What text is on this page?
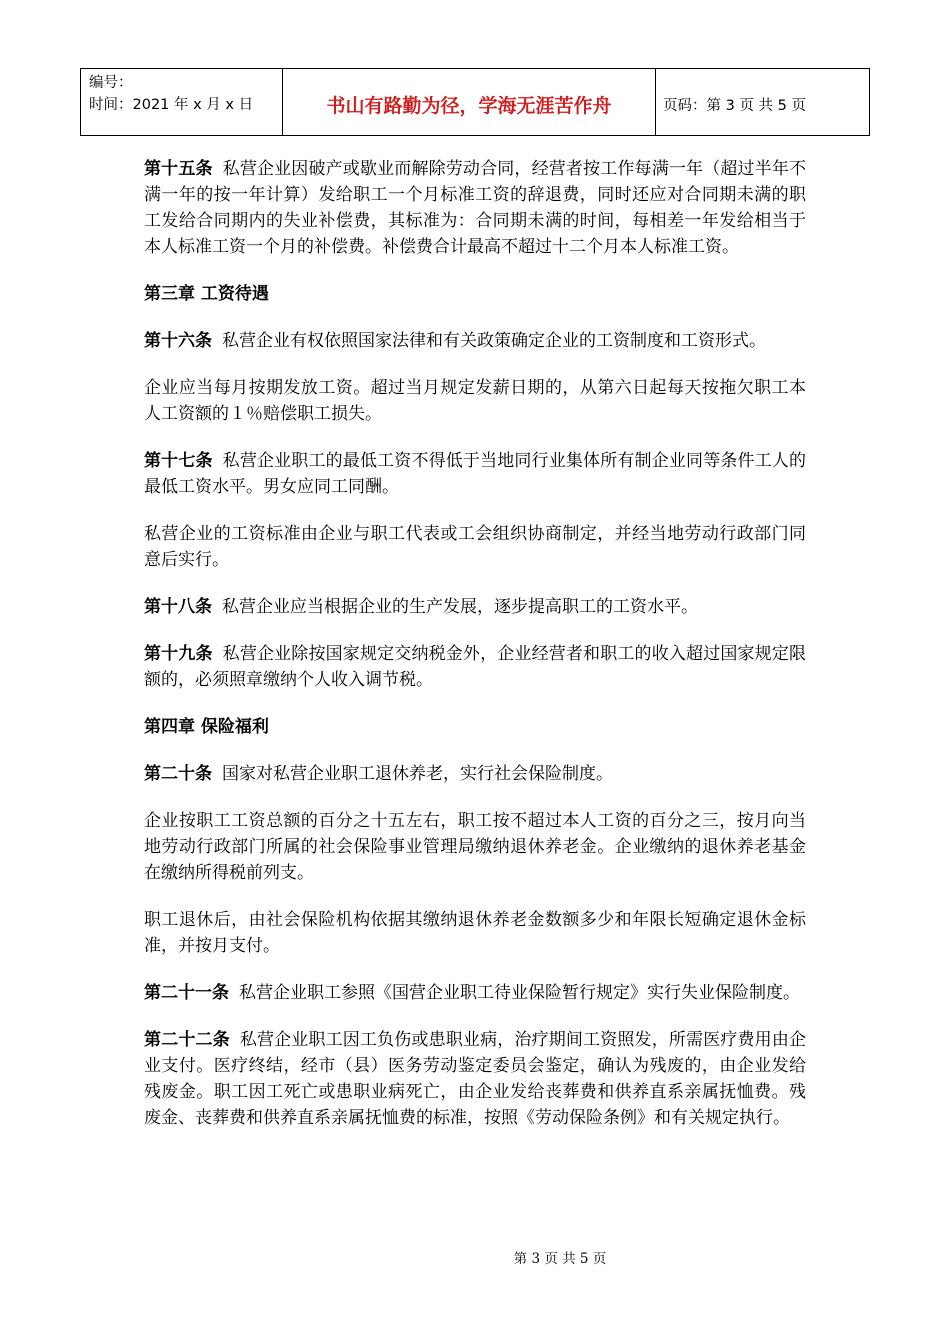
编号：
时间：2021 年 x 月 x 日	书山有路勤为径，学海无涯苦作舟	页码：第 3 页 共 5 页

第十五条 私营企业因破产或歇业而解除劳动合同，经营者按工作每满一年（超过半年不满一年的按一年计算）发给职工一个月标准工资的辞退费，同时还应对合同期未满的职工发给合同期内的失业补偿费，其标准为：合同期未满的时间，每相差一年发给相当于本人标准工资一个月的补偿费。补偿费合计最高不超过十二个月本人标准工资。

第三章 工资待遇

第十六条 私营企业有权依照国家法律和有关政策确定企业的工资制度和工资形式。

企业应当每月按期发放工资。超过当月规定发薪日期的，从第六日起每天按拖欠职工本人工资额的１％赔偿职工损失。

第十七条 私营企业职工的最低工资不得低于当地同行业集体所有制企业同等条件工人的最低工资水平。男女应同工同酬。

私营企业的工资标准由企业与职工代表或工会组织协商制定，并经当地劳动行政部门同意后实行。

第十八条 私营企业应当根据企业的生产发展，逐步提高职工的工资水平。

第十九条 私营企业除按国家规定交纳税金外，企业经营者和职工的收入超过国家规定限额的，必须照章缴纳个人收入调节税。

第四章 保险福利

第二十条 国家对私营企业职工退休养老，实行社会保险制度。

企业按职工工资总额的百分之十五左右，职工按不超过本人工资的百分之三，按月向当地劳动行政部门所属的社会保险事业管理局缴纳退休养老金。企业缴纳的退休养老基金在缴纳所得税前列支。

职工退休后，由社会保险机构依据其缴纳退休养老金数额多少和年限长短确定退休金标准，并按月支付。

第二十一条 私营企业职工参照《国营企业职工待业保险暂行规定》实行失业保险制度。

第二十二条 私营企业职工因工负伤或患职业病，治疗期间工资照发，所需医疗费用由企业支付。医疗终结，经市（县）医务劳动鉴定委员会鉴定，确认为残废的，由企业发给残废金。职工因工死亡或患职业病死亡，由企业发给丧葬费和供养直系亲属抚恤费。残废金、丧葬费和供养直系亲属抚恤费的标准，按照《劳动保险条例》和有关规定执行。

第 3 页 共 5 页
